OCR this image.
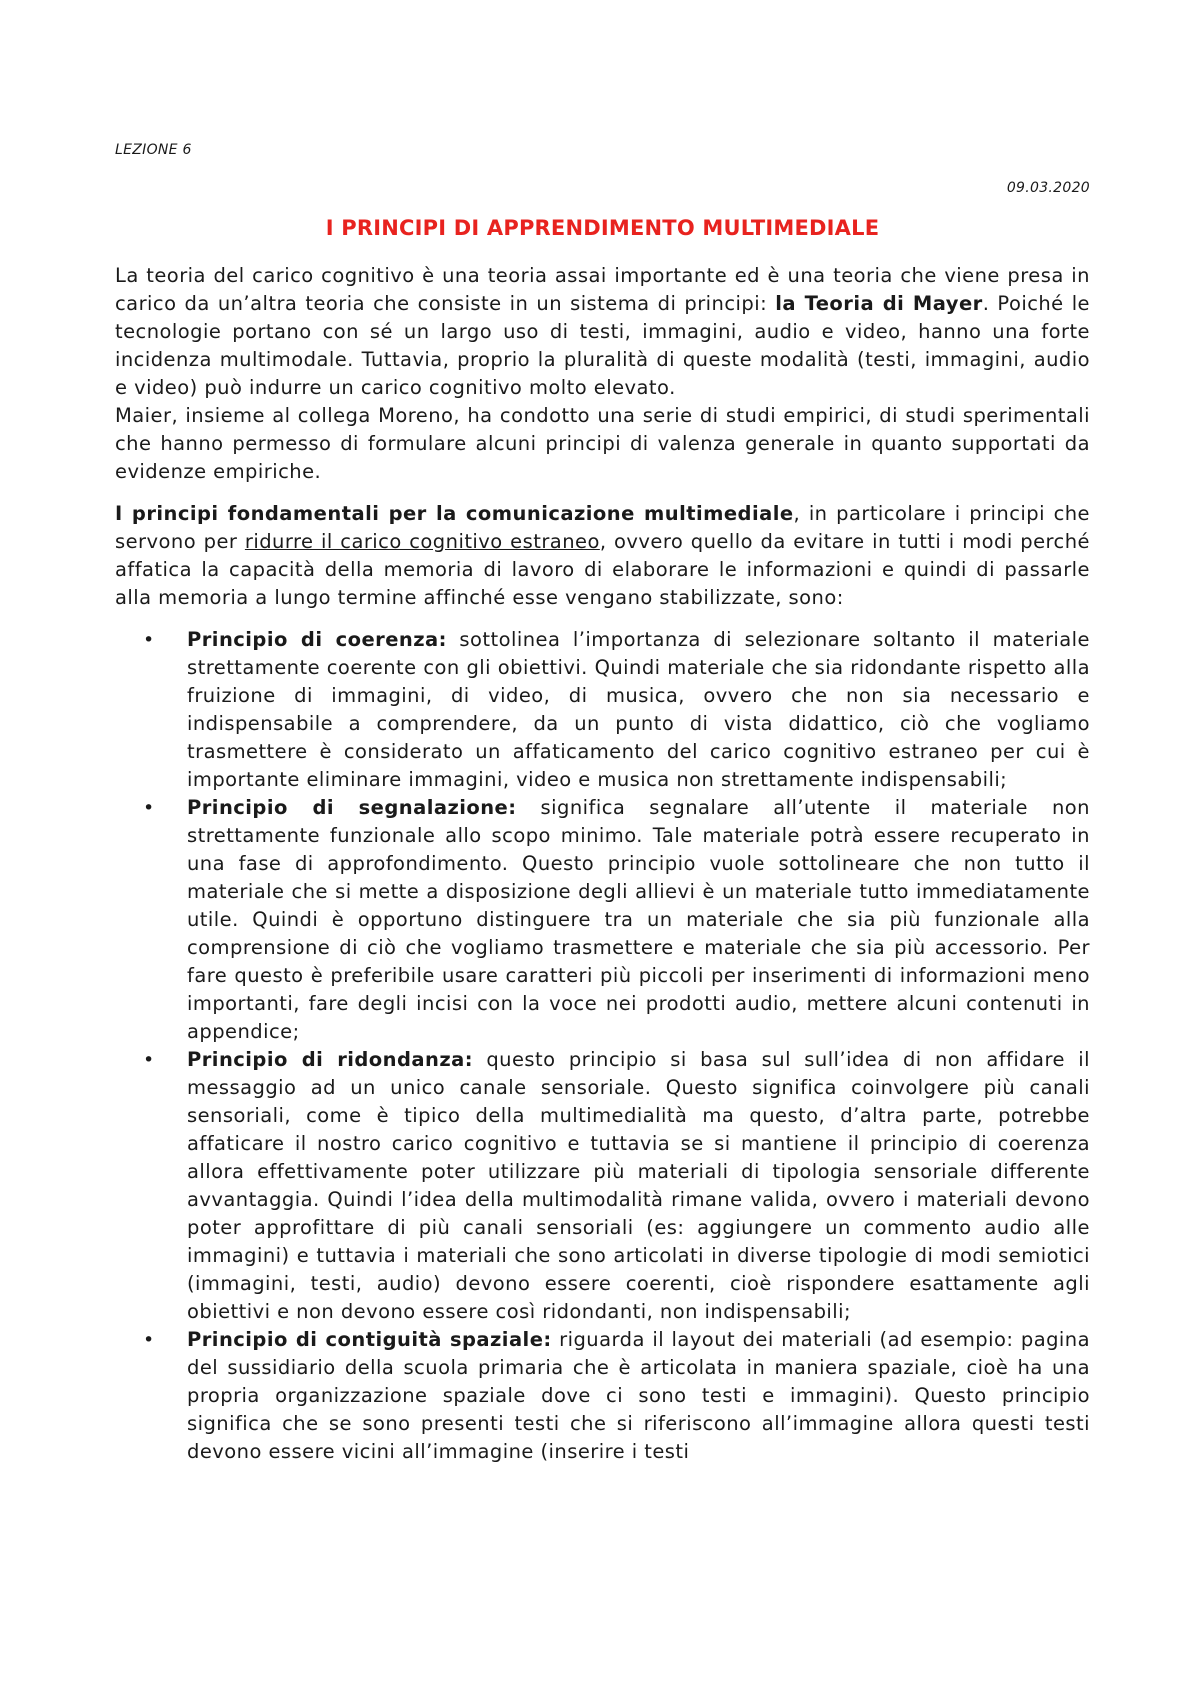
LEZIONE 6
09.03.2020
I PRINCIPI DI APPRENDIMENTO MULTIMEDIALE

La teoria del carico cognitivo è una teoria assai importante ed è una teoria che viene presa in carico da un’altra teoria che consiste in un sistema di principi: la Teoria di Mayer. Poiché le tecnologie portano con sé un largo uso di testi, immagini, audio e video, hanno una forte incidenza multimodale. Tuttavia, proprio la pluralità di queste modalità (testi, immagini, audio e video) può indurre un carico cognitivo molto elevato.

Maier, insieme al collega Moreno, ha condotto una serie di studi empirici, di studi sperimentali che hanno permesso di formulare alcuni principi di valenza generale in quanto supportati da evidenze empiriche.

I principi fondamentali per la comunicazione multimediale, in particolare i principi che servono per ridurre il carico cognitivo estraneo, ovvero quello da evitare in tutti i modi perché affatica la capacità della memoria di lavoro di elaborare le informazioni e quindi di passarle alla memoria a lungo termine affinché esse vengano stabilizzate, sono:

• Principio di coerenza: sottolinea l’importanza di selezionare soltanto il materiale strettamente coerente con gli obiettivi. Quindi materiale che sia ridondante rispetto alla fruizione di immagini, di video, di musica, ovvero che non sia necessario e indispensabile a comprendere, da un punto di vista didattico, ciò che vogliamo trasmettere è considerato un affaticamento del carico cognitivo estraneo per cui è importante eliminare immagini, video e musica non strettamente indispensabili;
• Principio di segnalazione: significa segnalare all’utente il materiale non strettamente funzionale allo scopo minimo. Tale materiale potrà essere recuperato in una fase di approfondimento. Questo principio vuole sottolineare che non tutto il materiale che si mette a disposizione degli allievi è un materiale tutto immediatamente utile. Quindi è opportuno distinguere tra un materiale che sia più funzionale alla comprensione di ciò che vogliamo trasmettere e materiale che sia più accessorio. Per fare questo è preferibile usare caratteri più piccoli per inserimenti di informazioni meno importanti, fare degli incisi con la voce nei prodotti audio, mettere alcuni contenuti in appendice;
• Principio di ridondanza: questo principio si basa sul sull’idea di non affidare il messaggio ad un unico canale sensoriale. Questo significa coinvolgere più canali sensoriali, come è tipico della multimedialità ma questo, d’altra parte, potrebbe affaticare il nostro carico cognitivo e tuttavia se si mantiene il principio di coerenza allora effettivamente poter utilizzare più materiali di tipologia sensoriale differente avvantaggia. Quindi l’idea della multimodalità rimane valida, ovvero i materiali devono poter approfittare di più canali sensoriali (es: aggiungere un commento audio alle immagini) e tuttavia i materiali che sono articolati in diverse tipologie di modi semiotici (immagini, testi, audio) devono essere coerenti, cioè rispondere esattamente agli obiettivi e non devono essere così ridondanti, non indispensabili;
• Principio di contiguità spaziale: riguarda il layout dei materiali (ad esempio: pagina del sussidiario della scuola primaria che è articolata in maniera spaziale, cioè ha una propria organizzazione spaziale dove ci sono testi e immagini). Questo principio significa che se sono presenti testi che si riferiscono all’immagine allora questi testi devono essere vicini all’immagine (inserire i testi
